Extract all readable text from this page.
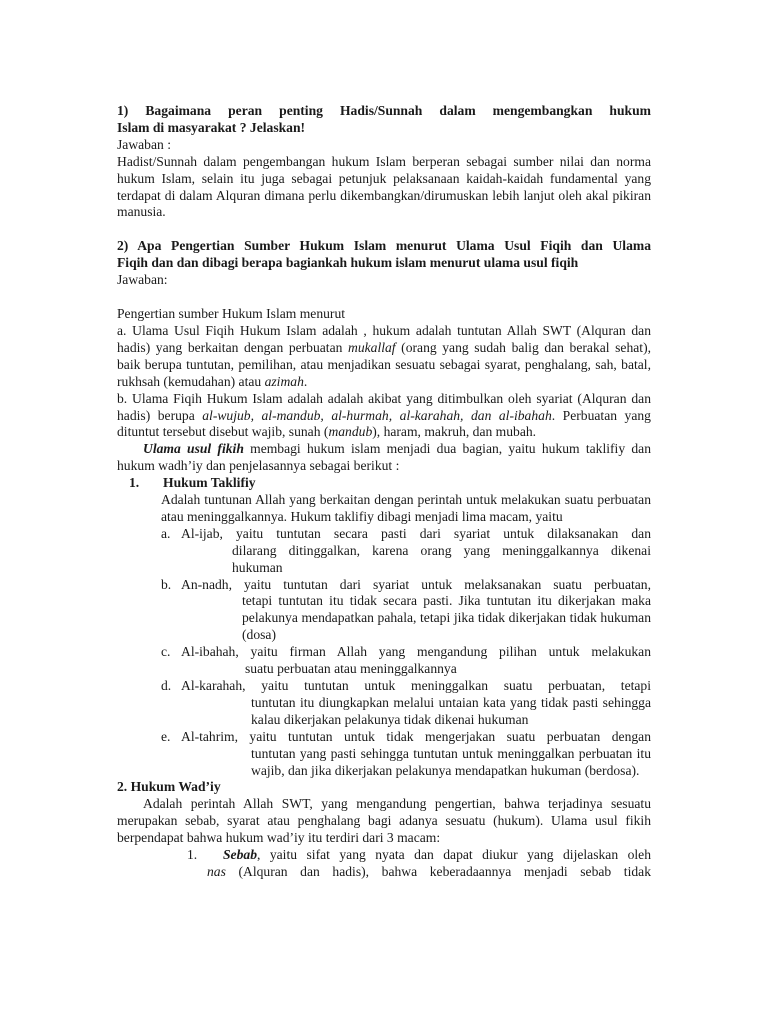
1) Bagaimana peran penting Hadis/Sunnah dalam mengembangkan hukum

Islam di masyarakat ? Jelaskan!

Jawaban :

Hadist/Sunnah dalam pengembangan hukum Islam berperan sebagai sumber nilai dan norma hukum Islam, selain itu juga sebagai petunjuk pelaksanaan kaidah-kaidah fundamental yang terdapat di dalam Alquran dimana perlu dikembangkan/dirumuskan lebih lanjut oleh akal pikiran manusia.

2) Apa Pengertian Sumber Hukum Islam menurut Ulama Usul Fiqih dan Ulama

Fiqih dan dan dibagi berapa bagiankah hukum islam menurut ulama usul fiqih

Jawaban:

Pengertian sumber Hukum Islam menurut

a. Ulama Usul Fiqih Hukum Islam adalah , hukum adalah tuntutan Allah SWT (Alquran dan hadis) yang berkaitan dengan perbuatan mukallaf (orang yang sudah balig dan berakal sehat), baik berupa tuntutan, pemilihan, atau menjadikan sesuatu sebagai syarat, penghalang, sah, batal, rukhsah (kemudahan) atau azimah.

b. Ulama Fiqih Hukum Islam adalah adalah akibat yang ditimbulkan oleh syariat (Alquran dan hadis) berupa al-wujub, al-mandub, al-hurmah, al-karahah, dan al-ibahah. Perbuatan yang dituntut tersebut disebut wajib, sunah (mandub), haram, makruh, dan mubah.

Ulama usul fikih membagi hukum islam menjadi dua bagian, yaitu hukum taklifiy dan hukum wadh’iy dan penjelasannya sebagai berikut :

1.	Hukum Taklifiy

Adalah tuntunan Allah yang berkaitan dengan perintah untuk melakukan suatu perbuatan atau meninggalkannya. Hukum taklifiy dibagi menjadi lima macam, yaitu

a. Al-ijab, yaitu tuntutan secara pasti dari syariat untuk dilaksanakan dan

dilarang ditinggalkan, karena orang yang meninggalkannya dikenai hukuman

b. An-nadh, yaitu tuntutan dari syariat untuk melaksanakan suatu perbuatan,

tetapi tuntutan itu tidak secara pasti. Jika tuntutan itu dikerjakan maka pelakunya mendapatkan pahala, tetapi jika tidak dikerjakan tidak hukuman (dosa)

c. Al-ibahah, yaitu firman Allah yang mengandung pilihan untuk melakukan

suatu perbuatan atau meninggalkannya

d. Al-karahah, yaitu tuntutan untuk meninggalkan suatu perbuatan, tetapi

tuntutan itu diungkapkan melalui untaian kata yang tidak pasti sehingga kalau dikerjakan pelakunya tidak dikenai hukuman

e. Al-tahrim, yaitu tuntutan untuk tidak mengerjakan suatu perbuatan dengan

tuntutan yang pasti sehingga tuntutan untuk meninggalkan perbuatan itu wajib, dan jika dikerjakan pelakunya mendapatkan hukuman (berdosa).

2. Hukum Wad’iy

Adalah perintah Allah SWT, yang mengandung pengertian, bahwa terjadinya sesuatu merupakan sebab, syarat atau penghalang bagi adanya sesuatu (hukum). Ulama usul fikih berpendapat bahwa hukum wad’iy itu terdiri dari 3 macam:

1.	Sebab, yaitu sifat yang nyata dan dapat diukur yang dijelaskan oleh

nas (Alquran dan hadis), bahwa keberadaannya menjadi sebab tidak
